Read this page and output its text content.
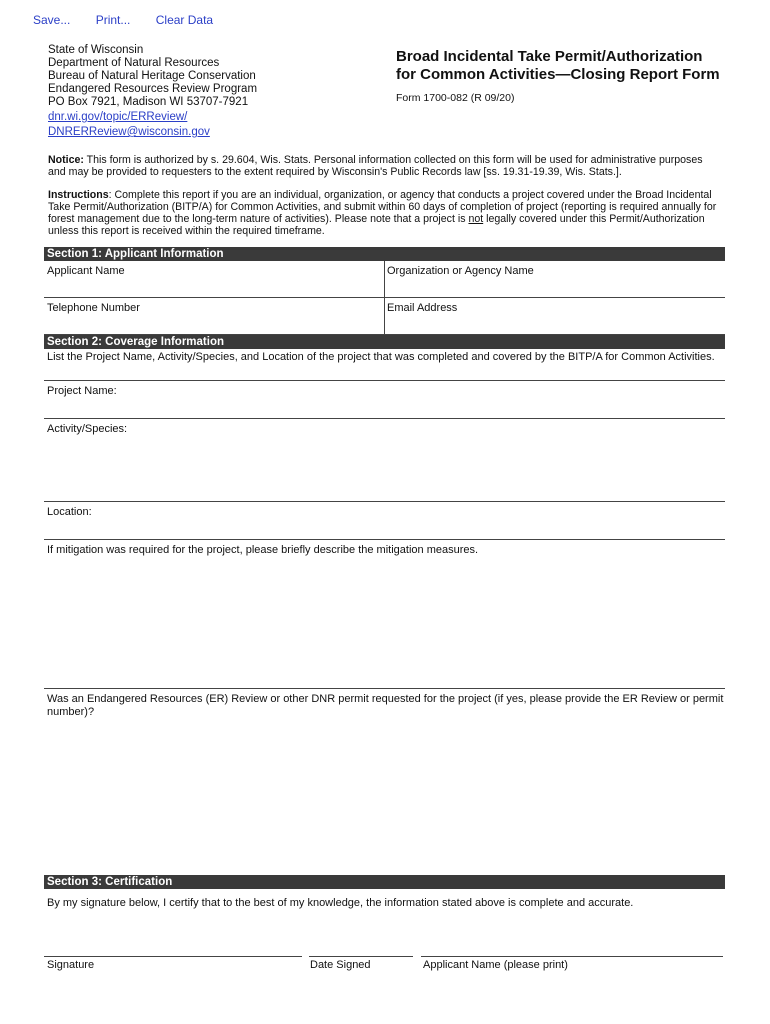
Save... Print... Clear Data
State of Wisconsin
Department of Natural Resources
Bureau of Natural Heritage Conservation
Endangered Resources Review Program
PO Box 7921, Madison WI 53707-7921
dnr.wi.gov/topic/ERReview/
DNRERReview@wisconsin.gov
Broad Incidental Take Permit/Authorization
for Common Activities—Closing Report Form
Form 1700-082 (R 09/20)
Notice: This form is authorized by s. 29.604, Wis. Stats. Personal information collected on this form will be used for administrative purposes and may be provided to requesters to the extent required by Wisconsin's Public Records law [ss. 19.31-19.39, Wis. Stats.].
Instructions: Complete this report if you are an individual, organization, or agency that conducts a project covered under the Broad Incidental Take Permit/Authorization (BITP/A) for Common Activities, and submit within 60 days of completion of project (reporting is required annually for forest management due to the long-term nature of activities). Please note that a project is not legally covered under this Permit/Authorization unless this report is received within the required timeframe.
Section 1: Applicant Information
Applicant Name	Organization or Agency Name
Telephone Number	Email Address
Section 2: Coverage Information
List the Project Name, Activity/Species, and Location of the project that was completed and covered by the BITP/A for Common Activities.
Project Name:
Activity/Species:
Location:
If mitigation was required for the project, please briefly describe the mitigation measures.
Was an Endangered Resources (ER) Review or other DNR permit requested for the project (if yes, please provide the ER Review or permit number)?
Section 3: Certification
By my signature below, I certify that to the best of my knowledge, the information stated above is complete and accurate.
Signature	Date Signed	Applicant Name (please print)
